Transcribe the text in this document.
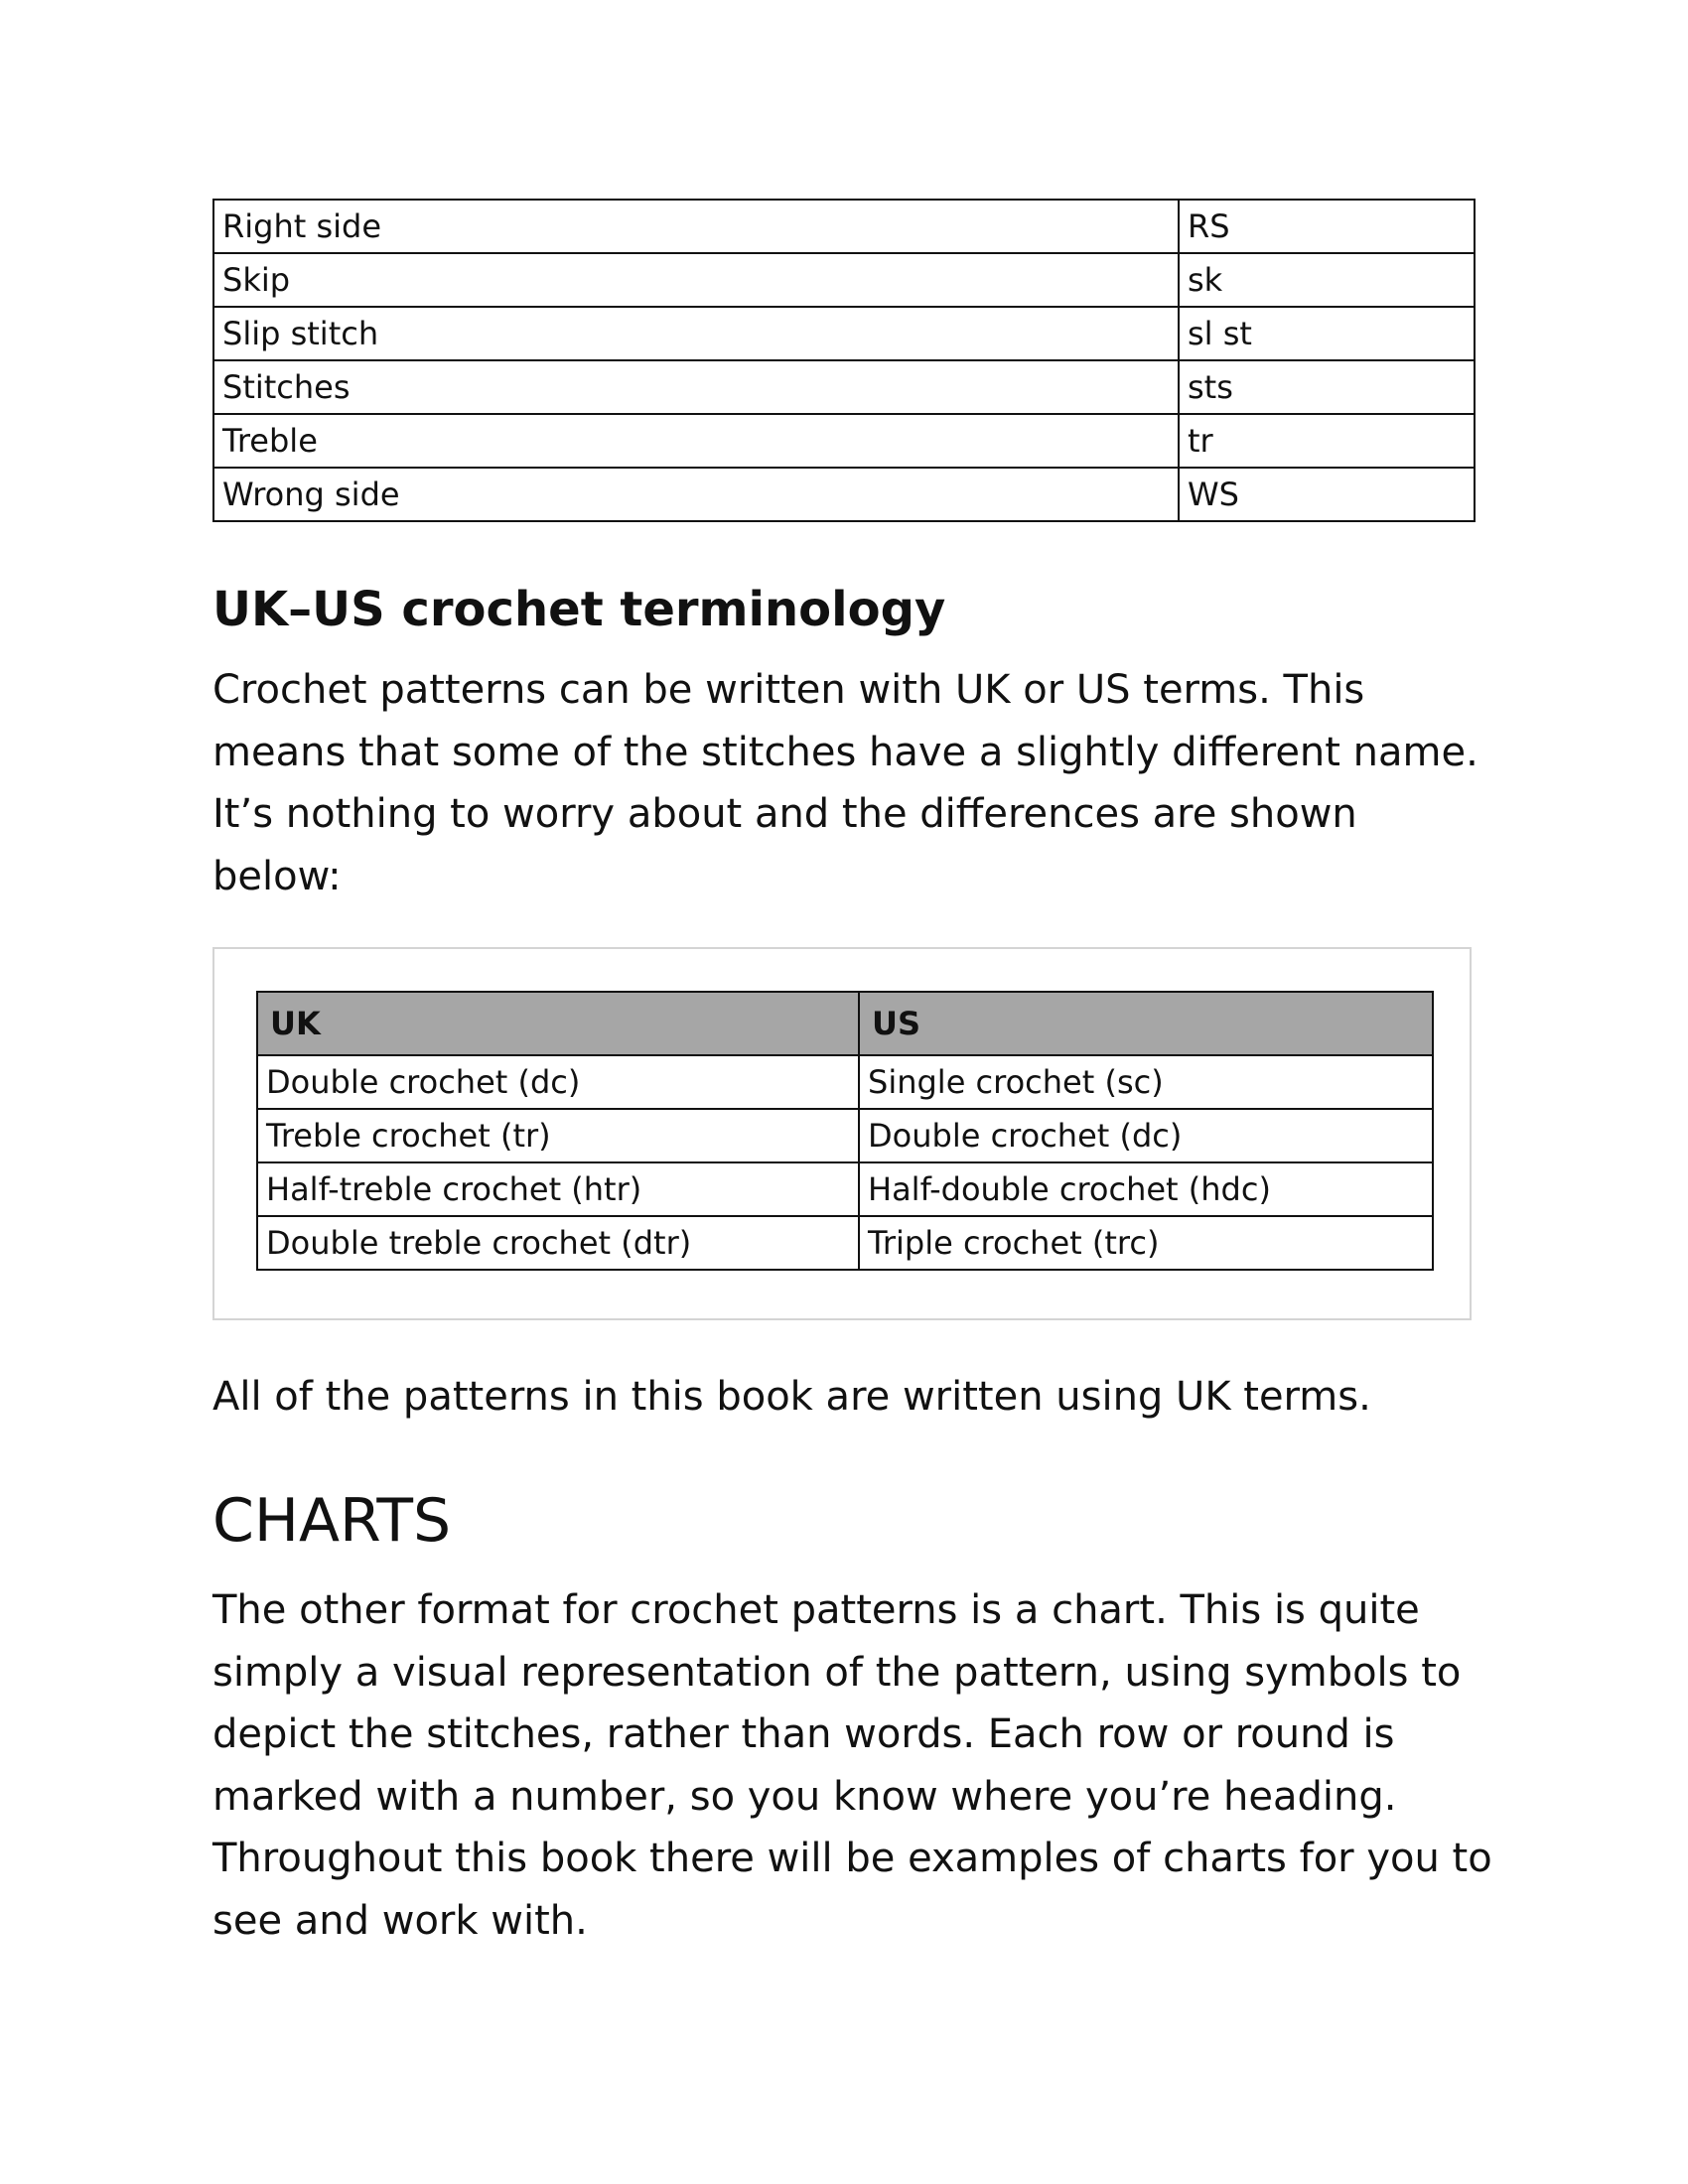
Right side	RS
Skip	sk
Slip stitch	sl st
Stitches	sts
Treble	tr
Wrong side	WS
UK–US crochet terminology

Crochet patterns can be written with UK or US terms. This means that some of the stitches have a slightly different name. It’s nothing to worry about and the differences are shown below:

UK	US
Double crochet (dc)	Single crochet (sc)
Treble crochet (tr)	Double crochet (dc)
Half-treble crochet (htr)	Half-double crochet (hdc)
Double treble crochet (dtr)	Triple crochet (trc)

All of the patterns in this book are written using UK terms.

CHARTS

The other format for crochet patterns is a chart. This is quite simply a visual representation of the pattern, using symbols to depict the stitches, rather than words. Each row or round is marked with a number, so you know where you’re heading. Throughout this book there will be examples of charts for you to see and work with.
